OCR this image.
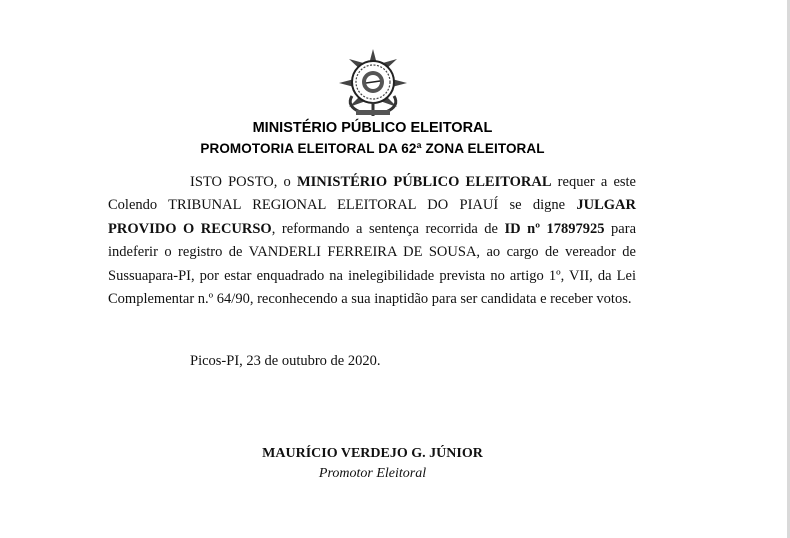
MINISTÉRIO PÚBLICO ELEITORAL
PROMOTORIA ELEITORAL DA 62ª ZONA ELEITORAL
ISTO POSTO, o MINISTÉRIO PÚBLICO ELEITORAL requer a este Colendo TRIBUNAL REGIONAL ELEITORAL DO PIAUÍ se digne JULGAR PROVIDO O RECURSO, reformando a sentença recorrida de ID nº 17897925 para indeferir o registro de VANDERLI FERREIRA DE SOUSA, ao cargo de vereador de Sussuapara-PI, por estar enquadrado na inelegibilidade prevista no artigo 1º, VII, da Lei Complementar n.º 64/90, reconhecendo a sua inaptidão para ser candidata e receber votos.
Picos-PI, 23 de outubro de 2020.
MAURÍCIO VERDEJO G. JÚNIOR
Promotor Eleitoral
